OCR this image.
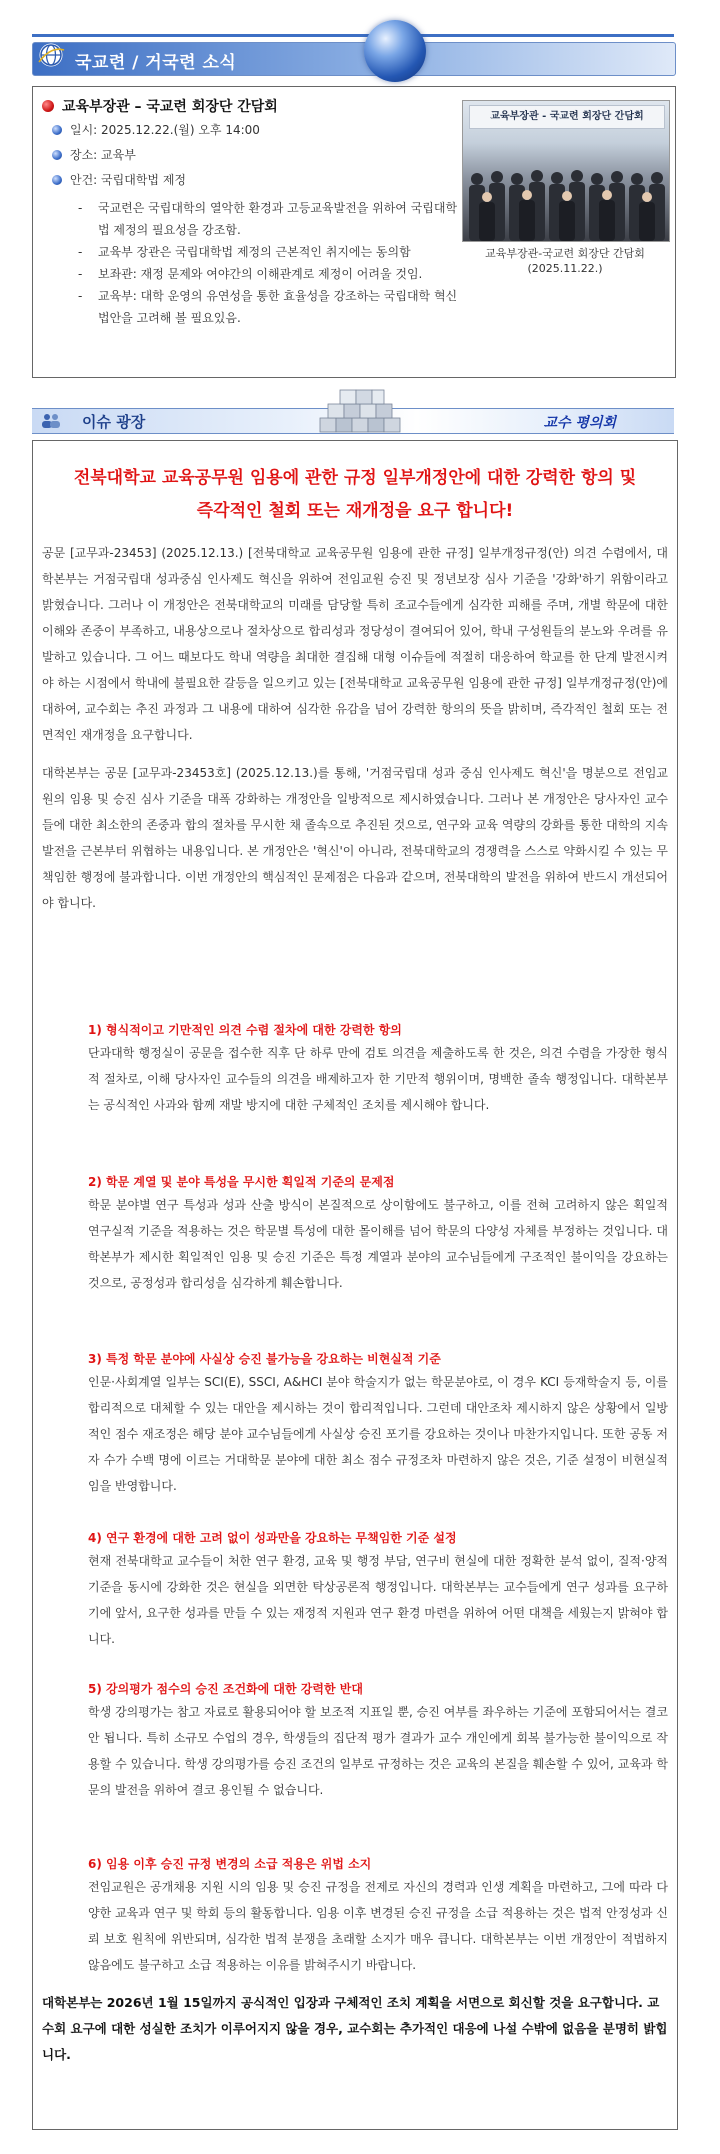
국교련 / 거국련 소식
교육부장관 – 국교련 회장단 간담회
일시: 2025.12.22.(월) 오후 14:00
장소: 교육부
안건: 국립대학법 제정
- 국교련은 국립대학의 열악한 환경과 고등교육발전을 위하여 국립대학법 제정의 필요성을 강조함.
- 교육부 장관은 국립대학법 제정의 근본적인 취지에는 동의함
- 보좌관: 재정 문제와 여야간의 이해관계로 제정이 어려울 것임.
- 교육부: 대학 운영의 유연성을 통한 효율성을 강조하는 국립대학 혁신 법안을 고려해 볼 필요있음.
교육부장관 - 국교련 회장단 간담회
교육부장관-국교련 회장단 간담회
(2025.11.22.)
이슈 광장	교수 평의회
전북대학교 교육공무원 임용에 관한 규정 일부개정안에 대한 강력한 항의 및
즉각적인 철회 또는 재개정을 요구 합니다!

공문 [교무과-23453] (2025.12.13.) [전북대학교 교육공무원 임용에 관한 규정] 일부개정규정(안) 의견 수렴에서, 대학본부는 거점국립대 성과중심 인사제도 혁신을 위하여 전임교원 승진 및 정년보장 심사 기준을 '강화'하기 위함이라고 밝혔습니다. 그러나 이 개정안은 전북대학교의 미래를 담당할 특히 조교수들에게 심각한 피해를 주며, 개별 학문에 대한 이해와 존중이 부족하고, 내용상으로나 절차상으로 합리성과 정당성이 결여되어 있어, 학내 구성원들의 분노와 우려를 유발하고 있습니다. 그 어느 때보다도 학내 역량을 최대한 결집해 대형 이슈들에 적절히 대응하여 학교를 한 단계 발전시켜야 하는 시점에서 학내에 불필요한 갈등을 일으키고 있는 [전북대학교 교육공무원 임용에 관한 규정] 일부개정규정(안)에 대하여, 교수회는 추진 과정과 그 내용에 대하여 심각한 유감을 넘어 강력한 항의의 뜻을 밝히며, 즉각적인 철회 또는 전면적인 재개정을 요구합니다.

대학본부는 공문 [교무과-23453호] (2025.12.13.)를 통해, '거점국립대 성과 중심 인사제도 혁신'을 명분으로 전임교원의 임용 및 승진 심사 기준을 대폭 강화하는 개정안을 일방적으로 제시하였습니다. 그러나 본 개정안은 당사자인 교수들에 대한 최소한의 존중과 합의 절차를 무시한 채 졸속으로 추진된 것으로, 연구와 교육 역량의 강화를 통한 대학의 지속 발전을 근본부터 위협하는 내용입니다. 본 개정안은 '혁신'이 아니라, 전북대학교의 경쟁력을 스스로 약화시킬 수 있는 무책임한 행정에 불과합니다. 이번 개정안의 핵심적인 문제점은 다음과 같으며, 전북대학의 발전을 위하여 반드시 개선되어야 합니다.

1) 형식적이고 기만적인 의견 수렴 절차에 대한 강력한 항의

단과대학 행정실이 공문을 접수한 직후 단 하루 만에 검토 의견을 제출하도록 한 것은, 의견 수렴을 가장한 형식적 절차로, 이해 당사자인 교수들의 의견을 배제하고자 한 기만적 행위이며, 명백한 졸속 행정입니다. 대학본부는 공식적인 사과와 함께 재발 방지에 대한 구체적인 조치를 제시해야 합니다.

2) 학문 계열 및 분야 특성을 무시한 획일적 기준의 문제점

학문 분야별 연구 특성과 성과 산출 방식이 본질적으로 상이함에도 불구하고, 이를 전혀 고려하지 않은 획일적 연구실적 기준을 적용하는 것은 학문별 특성에 대한 몰이해를 넘어 학문의 다양성 자체를 부정하는 것입니다. 대학본부가 제시한 획일적인 임용 및 승진 기준은 특정 계열과 분야의 교수님들에게 구조적인 불이익을 강요하는 것으로, 공정성과 합리성을 심각하게 훼손합니다.

3) 특정 학문 분야에 사실상 승진 불가능을 강요하는 비현실적 기준

인문·사회계열 일부는 SCI(E), SSCI, A&HCI 분야 학술지가 없는 학문분야로, 이 경우 KCI 등재학술지 등, 이를 합리적으로 대체할 수 있는 대안을 제시하는 것이 합리적입니다. 그런데 대안조차 제시하지 않은 상황에서 일방적인 점수 재조정은 해당 분야 교수님들에게 사실상 승진 포기를 강요하는 것이나 마찬가지입니다. 또한 공동 저자 수가 수백 명에 이르는 거대학문 분야에 대한 최소 점수 규정조차 마련하지 않은 것은, 기준 설정이 비현실적임을 반영합니다.

4) 연구 환경에 대한 고려 없이 성과만을 강요하는 무책임한 기준 설정

현재 전북대학교 교수들이 처한 연구 환경, 교육 및 행정 부담, 연구비 현실에 대한 정확한 분석 없이, 질적·양적 기준을 동시에 강화한 것은 현실을 외면한 탁상공론적 행정입니다. 대학본부는 교수들에게 연구 성과를 요구하기에 앞서, 요구한 성과를 만들 수 있는 재정적 지원과 연구 환경 마련을 위하여 어떤 대책을 세웠는지 밝혀야 합니다.

5) 강의평가 점수의 승진 조건화에 대한 강력한 반대

학생 강의평가는 참고 자료로 활용되어야 할 보조적 지표일 뿐, 승진 여부를 좌우하는 기준에 포함되어서는 결코 안 됩니다. 특히 소규모 수업의 경우, 학생들의 집단적 평가 결과가 교수 개인에게 회복 불가능한 불이익으로 작용할 수 있습니다. 학생 강의평가를 승진 조건의 일부로 규정하는 것은 교육의 본질을 훼손할 수 있어, 교육과 학문의 발전을 위하여 결코 용인될 수 없습니다.

6) 임용 이후 승진 규정 변경의 소급 적용은 위법 소지

전임교원은 공개채용 지원 시의 임용 및 승진 규정을 전제로 자신의 경력과 인생 계획을 마련하고, 그에 따라 다양한 교육과 연구 및 학회 등의 활동합니다. 임용 이후 변경된 승진 규정을 소급 적용하는 것은 법적 안정성과 신뢰 보호 원칙에 위반되며, 심각한 법적 분쟁을 초래할 소지가 매우 큽니다. 대학본부는 이번 개정안이 적법하지 않음에도 불구하고 소급 적용하는 이유를 밝혀주시기 바랍니다.

대학본부는 2026년 1월 15일까지 공식적인 입장과 구체적인 조치 계획을 서면으로 회신할 것을 요구합니다. 교수회 요구에 대한 성실한 조치가 이루어지지 않을 경우, 교수회는 추가적인 대응에 나설 수밖에 없음을 분명히 밝힙니다.
